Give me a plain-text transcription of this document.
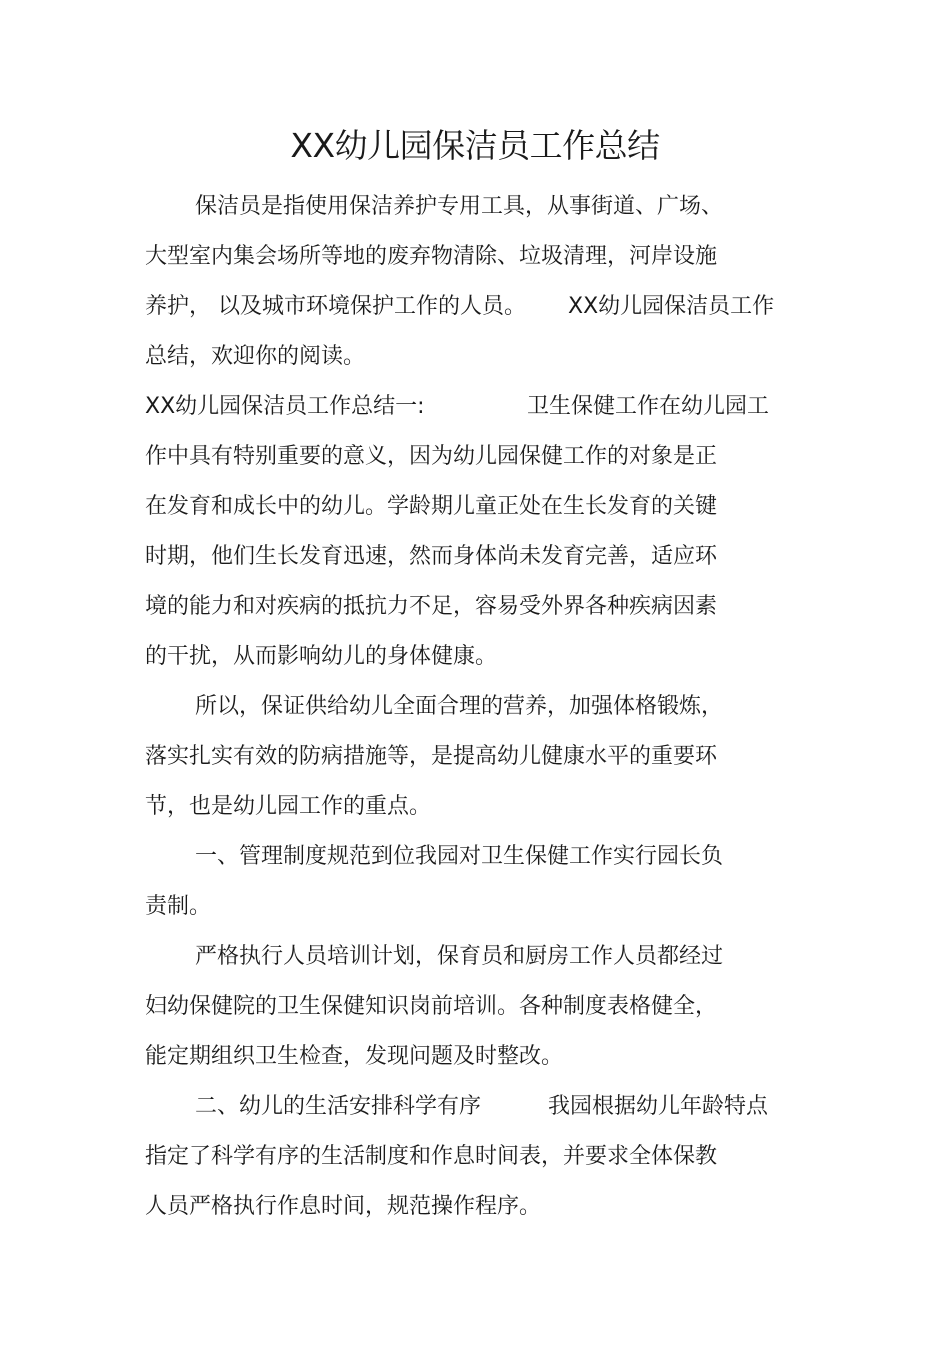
XX幼儿园保洁员工作总结
保洁员是指使用保洁养护专用工具，从事街道、广场、
大型室内集会场所等地的废弃物清除、垃圾清理，河岸设施
养护， 以及城市环境保护工作的人员。 XX幼儿园保洁员工作
总结，欢迎你的阅读。
XX幼儿园保洁员工作总结一:	卫生保健工作在幼儿园工
作中具有特别重要的意义，因为幼儿园保健工作的对象是正
在发育和成长中的幼儿。学龄期儿童正处在生长发育的关键
时期，他们生长发育迅速，然而身体尚未发育完善，适应环
境的能力和对疾病的抵抗力不足，容易受外界各种疾病因素
的干扰，从而影响幼儿的身体健康。
所以，保证供给幼儿全面合理的营养，加强体格锻炼，
落实扎实有效的防病措施等，是提高幼儿健康水平的重要环
节，也是幼儿园工作的重点。
一、管理制度规范到位我园对卫生保健工作实行园长负
责制。
严格执行人员培训计划，保育员和厨房工作人员都经过
妇幼保健院的卫生保健知识岗前培训。各种制度表格健全，
能定期组织卫生检查，发现问题及时整改。
二、幼儿的生活安排科学有序	我园根据幼儿年龄特点
指定了科学有序的生活制度和作息时间表，并要求全体保教
人员严格执行作息时间，规范操作程序。
